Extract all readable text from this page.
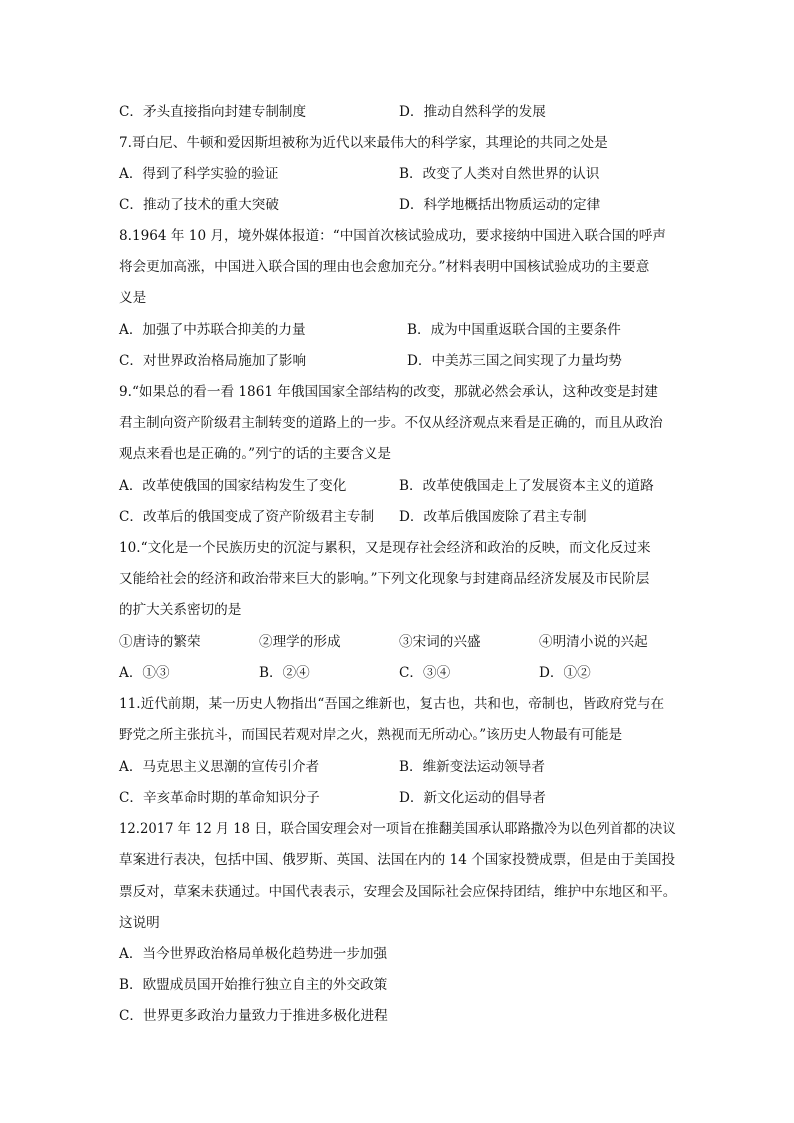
C．矛头直接指向封建专制制度	D．推动自然科学的发展
7.哥白尼、牛顿和爱因斯坦被称为近代以来最伟大的科学家，其理论的共同之处是
A．得到了科学实验的验证	B．改变了人类对自然世界的认识
C．推动了技术的重大突破	D．科学地概括出物质运动的定律
8.1964 年 10 月，境外媒体报道：“中国首次核试验成功，要求接纳中国进入联合国的呼声
将会更加高涨，中国进入联合国的理由也会愈加充分。”材料表明中国核试验成功的主要意
义是
A．加强了中苏联合抑美的力量	B．成为中国重返联合国的主要条件
C．对世界政治格局施加了影响	D．中美苏三国之间实现了力量均势
9.“如果总的看一看 1861 年俄国国家全部结构的改变，那就必然会承认，这种改变是封建
君主制向资产阶级君主制转变的道路上的一步。不仅从经济观点来看是正确的，而且从政治
观点来看也是正确的。”列宁的话的主要含义是
A．改革使俄国的国家结构发生了变化	B．改革使俄国走上了发展资本主义的道路
C．改革后的俄国变成了资产阶级君主专制 D．改革后俄国废除了君主专制
10.“文化是一个民族历史的沉淀与累积，又是现存社会经济和政治的反映，而文化反过来
又能给社会的经济和政治带来巨大的影响。”下列文化现象与封建商品经济发展及市民阶层
的扩大关系密切的是
①唐诗的繁荣	②理学的形成	③宋词的兴盛	④明清小说的兴起
A．①③	B．②④	C．③④	D．①②
11.近代前期，某一历史人物指出“吾国之维新也，复古也，共和也，帝制也，皆政府党与在
野党之所主张抗斗，而国民若观对岸之火，熟视而无所动心。”该历史人物最有可能是
A．马克思主义思潮的宣传引介者	B．维新变法运动领导者
C．辛亥革命时期的革命知识分子	D．新文化运动的倡导者
12.2017 年 12 月 18 日，联合国安理会对一项旨在推翻美国承认耶路撒冷为以色列首都的决议
草案进行表决，包括中国、俄罗斯、英国、法国在内的 14 个国家投赞成票，但是由于美国投
票反对，草案未获通过。中国代表表示，安理会及国际社会应保持团结，维护中东地区和平。
这说明
A．当今世界政治格局单极化趋势进一步加强
B．欧盟成员国开始推行独立自主的外交政策
C．世界更多政治力量致力于推进多极化进程
